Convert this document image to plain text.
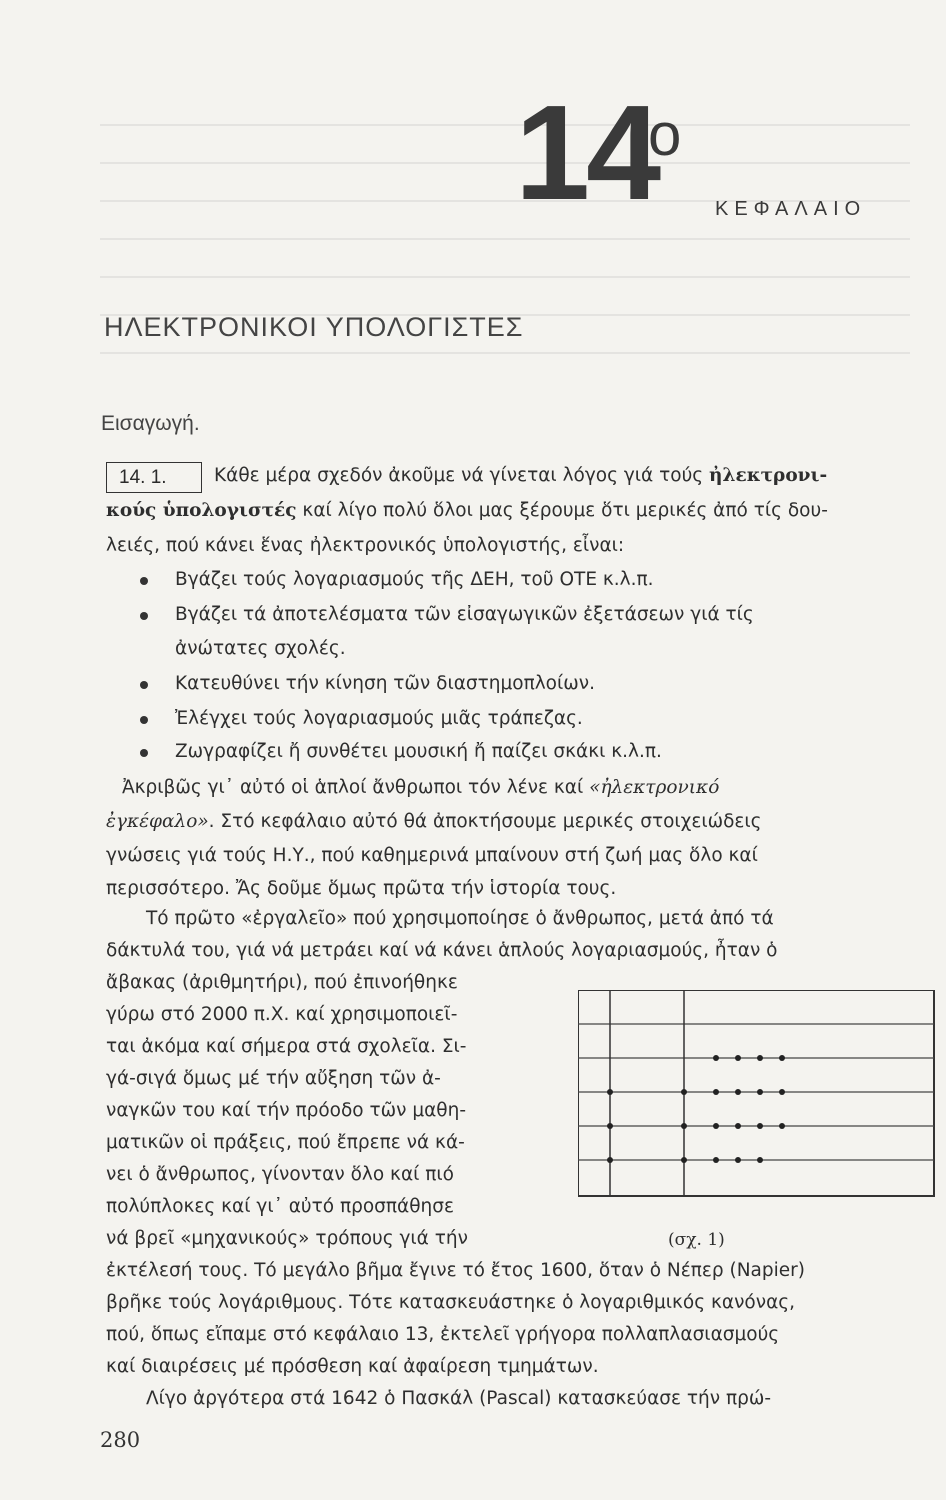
14
ο
ΚΕΦΑΛΑΙΟ
ΗΛΕΚΤΡΟΝΙΚΟΙ ΥΠΟΛΟΓΙΣΤΕΣ
Εισαγωγή.
14. 1.	Κάθε μέρα σχεδόν ἀκοῦμε νά γίνεται λόγος γιά τούς ἠλεκτρονι-
κούς ὑπολογιστές καί λίγο πολύ ὅλοι μας ξέρουμε ὅτι μερικές ἀπό τίς δου-
λειές, πού κάνει ἕνας ἠλεκτρονικός ὑπολογιστής, εἶναι:
Βγάζει τούς λογαριασμούς τῆς ΔΕΗ, τοῦ ΟΤΕ κ.λ.π.
Βγάζει τά ἀποτελέσματα τῶν εἰσαγωγικῶν ἐξετάσεων γιά τίς
ἀνώτατες σχολές.
Κατευθύνει τήν κίνηση τῶν διαστημοπλοίων.
Ἐλέγχει τούς λογαριασμούς μιᾶς τράπεζας.
Ζωγραφίζει ἤ συνθέτει μουσική ἤ παίζει σκάκι κ.λ.π.
Ἀκριβῶς γι᾽ αὐτό οἱ ἁπλοί ἄνθρωποι τόν λένε καί «ἠλεκτρονικό
ἐγκέφαλο». Στό κεφάλαιο αὐτό θά ἀποκτήσουμε μερικές στοιχειώδεις
γνώσεις γιά τούς Η.Υ., πού καθημερινά μπαίνουν στή ζωή μας ὅλο καί
περισσότερο. Ἄς δοῦμε ὅμως πρῶτα τήν ἱστορία τους.
Τό πρῶτο «ἐργαλεῖο» πού χρησιμοποίησε ὁ ἄνθρωπος, μετά ἀπό τά
δάκτυλά του, γιά νά μετράει καί νά κάνει ἁπλούς λογαριασμούς, ἦταν ὁ
ἄβακας (ἀριθμητήρι), πού ἐπινοήθηκε
γύρω στό 2000 π.Χ. καί χρησιμοποιεῖ-
ται ἀκόμα καί σήμερα στά σχολεῖα. Σι-
γά-σιγά ὅμως μέ τήν αὔξηση τῶν ἀ-
ναγκῶν του καί τήν πρόοδο τῶν μαθη-
ματικῶν οἱ πράξεις, πού ἔπρεπε νά κά-
νει ὁ ἄνθρωπος, γίνονταν ὅλο καί πιό
πολύπλοκες καί γι᾽ αὐτό προσπάθησε
νά βρεῖ «μηχανικούς» τρόπους γιά τήν
ἐκτέλεσή τους. Τό μεγάλο βῆμα ἔγινε τό ἔτος 1600, ὅταν ὁ Νέπερ (Napier)
βρῆκε τούς λογάριθμους. Τότε κατασκευάστηκε ὁ λογαριθμικός κανόνας,
πού, ὅπως εἴπαμε στό κεφάλαιο 13, ἐκτελεῖ γρήγορα πολλαπλασιασμούς
καί διαιρέσεις μέ πρόσθεση καί ἀφαίρεση τμημάτων.
Λίγο ἀργότερα στά 1642 ὁ Πασκάλ (Pascal) κατασκεύασε τήν πρώ-
(σχ. 1)
280
